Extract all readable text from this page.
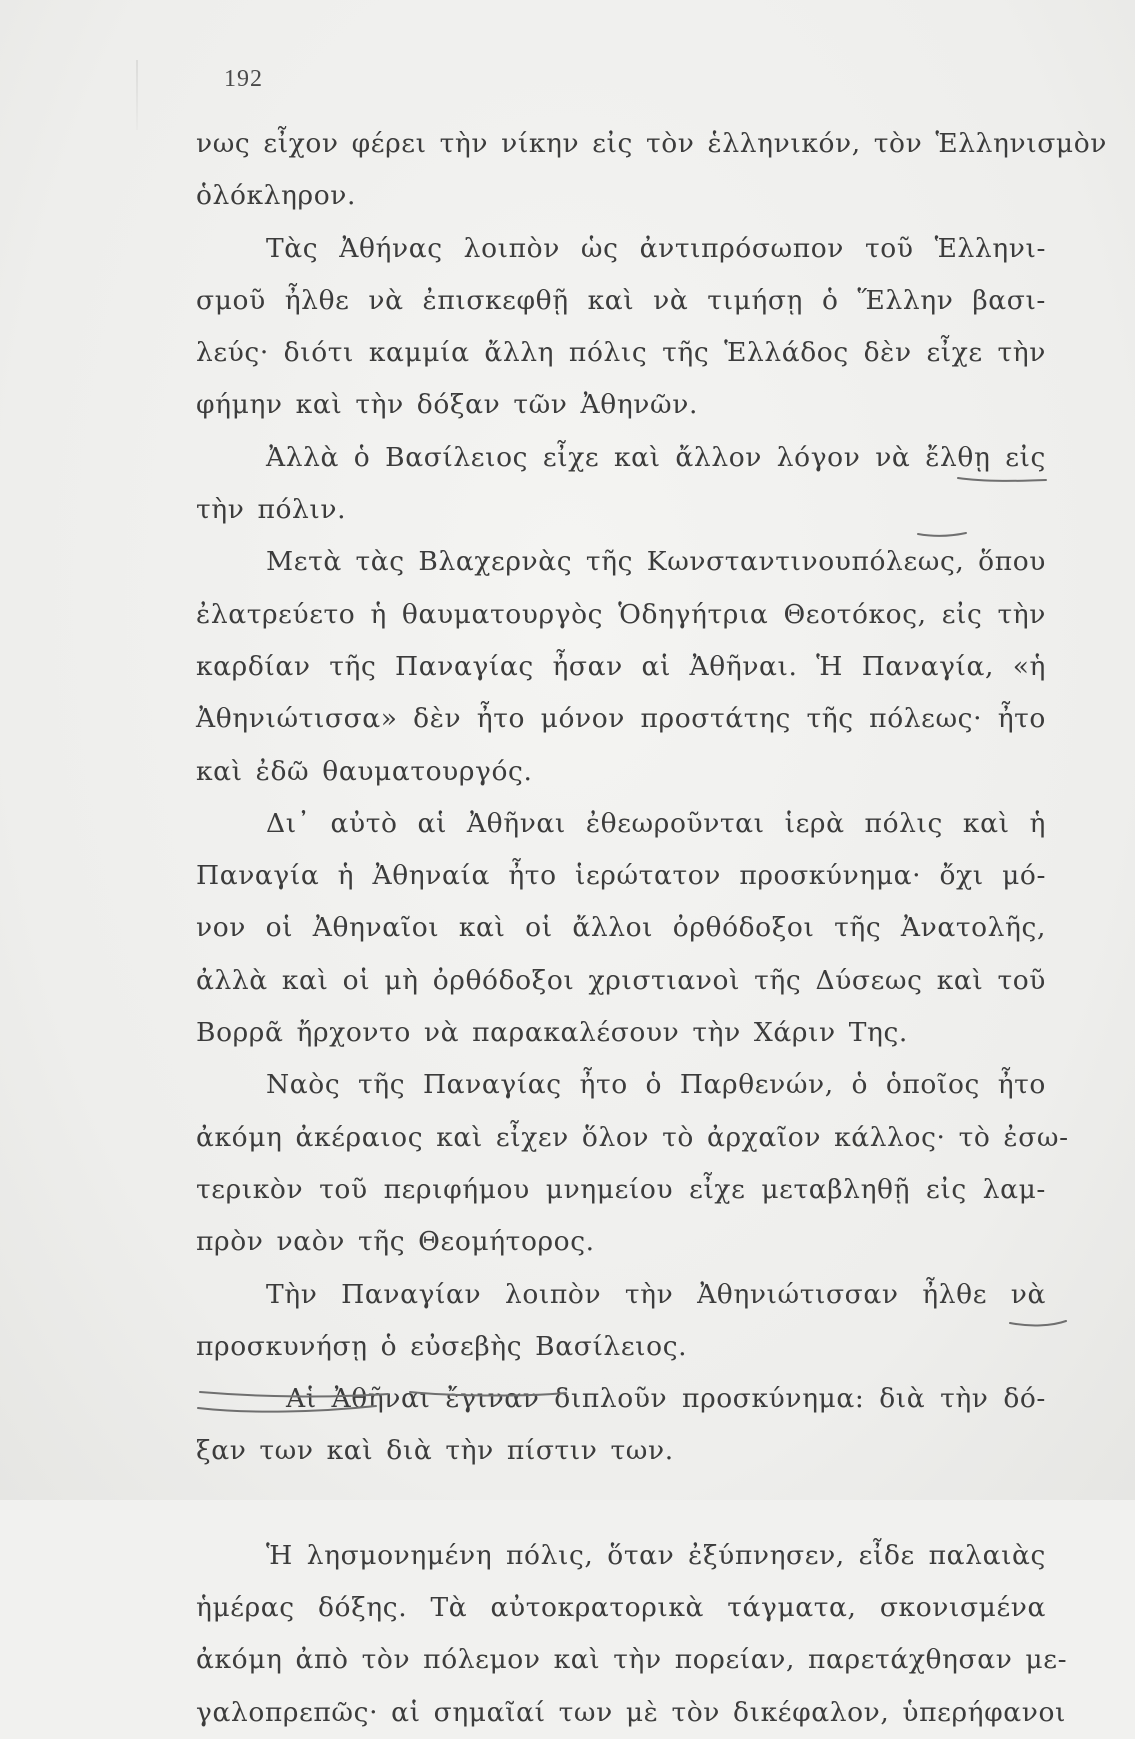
192
νως εἶχον φέρει τὴν νίκην εἰς τὸν ἑλληνικόν, τὸν Ἑλληνισμὸν
ὁλόκληρον.
Τὰς Ἀθήνας λοιπὸν ὡς ἀντιπρόσωπον τοῦ Ἑλληνι-
σμοῦ ἦλθε νὰ ἐπισκεφθῇ καὶ νὰ τιμήσῃ ὁ Ἕλλην βασι-
λεύς· διότι καμμία ἄλλη πόλις τῆς Ἑλλάδος δὲν εἶχε τὴν
φήμην καὶ τὴν δόξαν τῶν Ἀθηνῶν.
Ἀλλὰ ὁ Βασίλειος εἶχε καὶ ἄλλον λόγον νὰ ἔλθῃ εἰς
τὴν πόλιν.
Μετὰ τὰς Βλαχερνὰς τῆς Κωνσταντινουπόλεως, ὅπου
ἐλατρεύετο ἡ θαυματουργὸς Ὁδηγήτρια Θεοτόκος, εἰς τὴν
καρδίαν τῆς Παναγίας ἦσαν αἱ Ἀθῆναι. Ἡ Παναγία, «ἡ
Ἀθηνιώτισσα» δὲν ἦτο μόνον προστάτης τῆς πόλεως· ἦτο
καὶ ἐδῶ θαυματουργός.
Δι᾽ αὐτὸ αἱ Ἀθῆναι ἐθεωροῦνται ἱερὰ πόλις καὶ ἡ
Παναγία ἡ Ἀθηναία ἦτο ἱερώτατον προσκύνημα· ὄχι μό-
νον οἱ Ἀθηναῖοι καὶ οἱ ἄλλοι ὀρθόδοξοι τῆς Ἀνατολῆς,
ἀλλὰ καὶ οἱ μὴ ὀρθόδοξοι χριστιανοὶ τῆς Δύσεως καὶ τοῦ
Βορρᾶ ἤρχοντο νὰ παρακαλέσουν τὴν Χάριν Της.
Ναὸς τῆς Παναγίας ἦτο ὁ Παρθενών, ὁ ὁποῖος ἦτο
ἀκόμη ἀκέραιος καὶ εἶχεν ὅλον τὸ ἀρχαῖον κάλλος· τὸ ἐσω-
τερικὸν τοῦ περιφήμου μνημείου εἶχε μεταβληθῇ εἰς λαμ-
πρὸν ναὸν τῆς Θεομήτορος.
Τὴν Παναγίαν λοιπὸν τὴν Ἀθηνιώτισσαν ἦλθε νὰ
προσκυνήσῃ ὁ εὐσεβὴς Βασίλειος.
Αἱ Ἀθῆναι ἔγιναν διπλοῦν προσκύνημα: διὰ τὴν δό-
ξαν των καὶ διὰ τὴν πίστιν των.
Ἡ λησμονημένη πόλις, ὅταν ἐξύπνησεν, εἶδε παλαιὰς
ἡμέρας δόξης. Τὰ αὐτοκρατορικὰ τάγματα, σκονισμένα
ἀκόμη ἀπὸ τὸν πόλεμον καὶ τὴν πορείαν, παρετάχθησαν με-
γαλοπρεπῶς· αἱ σημαῖαί των μὲ τὸν δικέφαλον, ὑπερήφανοι
